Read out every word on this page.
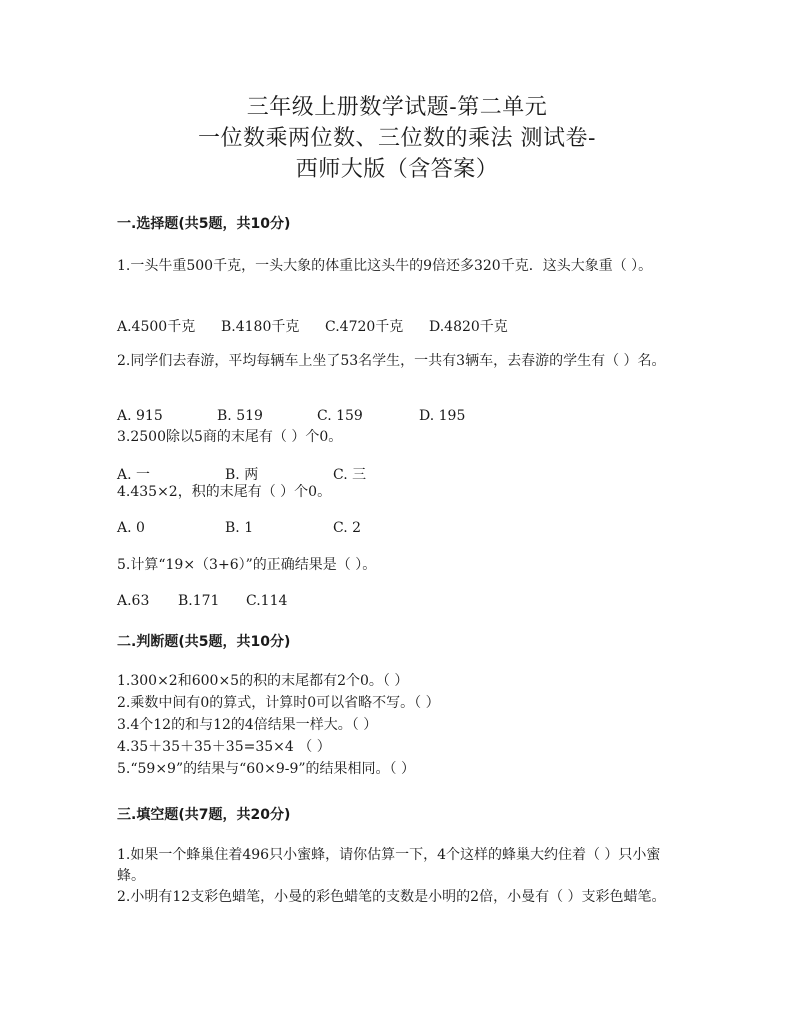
三年级上册数学试题-第二单元
一位数乘两位数、三位数的乘法 测试卷-
西师大版（含答案）
一.选择题(共5题，共10分)
1.一头牛重500千克，一头大象的体重比这头牛的9倍还多320千克．这头大象重（ ）。
A.4500千克 B.4180千克 C.4720千克 D.4820千克
2.同学们去春游，平均每辆车上坐了53名学生，一共有3辆车，去春游的学生有（ ）名。
A. 915	B. 519	C. 159	D. 195
3.2500除以5商的末尾有（ ）个0。
A. 一	B. 两	C. 三
4.435×2，积的末尾有（ ）个0。
A. 0	B. 1	C. 2
5.计算“19×（3+6）”的正确结果是（ ）。
A.63 B.171 C.114
二.判断题(共5题，共10分)
1.300×2和600×5的积的末尾都有2个0。（ ）
2.乘数中间有0的算式，计算时0可以省略不写。（ ）
3.4个12的和与12的4倍结果一样大。（ ）
4.35＋35＋35＋35=35×4 （ ）
5.“59×9”的结果与“60×9-9”的结果相同。（ ）
三.填空题(共7题，共20分)
1.如果一个蜂巢住着496只小蜜蜂，请你估算一下，4个这样的蜂巢大约住着（ ）只小蜜蜂。
2.小明有12支彩色蜡笔，小曼的彩色蜡笔的支数是小明的2倍，小曼有（ ）支彩色蜡笔。
